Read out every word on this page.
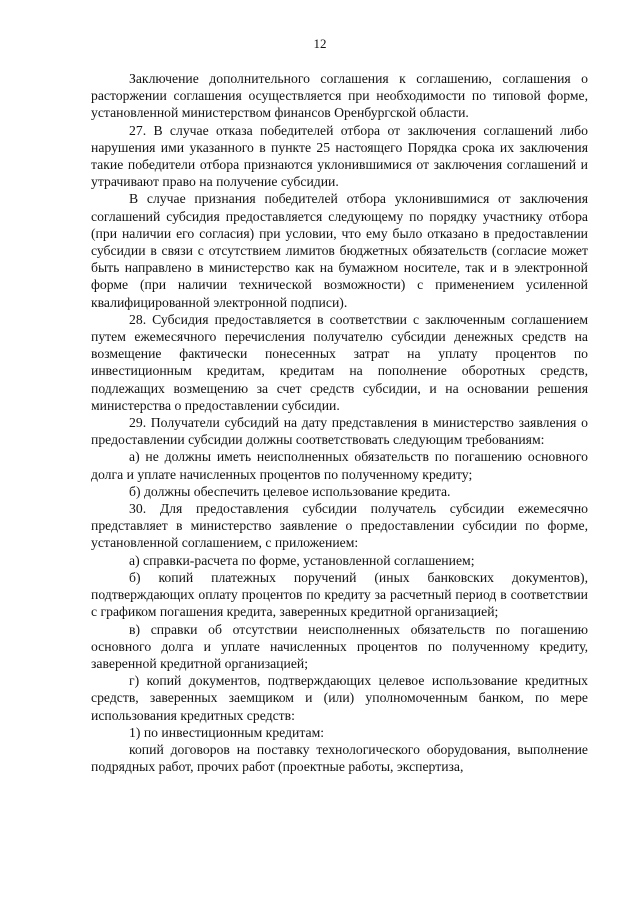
12

Заключение дополнительного соглашения к соглашению, соглашения о расторжении соглашения осуществляется при необходимости по типовой форме, установленной министерством финансов Оренбургской области.

27. В случае отказа победителей отбора от заключения соглашений либо нарушения ими указанного в пункте 25 настоящего Порядка срока их заключения такие победители отбора признаются уклонившимися от заключения соглашений и утрачивают право на получение субсидии.

В случае признания победителей отбора уклонившимися от заключения соглашений субсидия предоставляется следующему по порядку участнику отбора (при наличии его согласия) при условии, что ему было отказано в предоставлении субсидии в связи с отсутствием лимитов бюджетных обязательств (согласие может быть направлено в министерство как на бумажном носителе, так и в электронной форме (при наличии технической возможности) с применением усиленной квалифицированной электронной подписи).

28. Субсидия предоставляется в соответствии с заключенным соглашением путем ежемесячного перечисления получателю субсидии денежных средств на возмещение фактически понесенных затрат на уплату процентов по инвестиционным кредитам, кредитам на пополнение оборотных средств, подлежащих возмещению за счет средств субсидии, и на основании решения министерства о предоставлении субсидии.

29. Получатели субсидий на дату представления в министерство заявления о предоставлении субсидии должны соответствовать следующим требованиям:

а) не должны иметь неисполненных обязательств по погашению основного долга и уплате начисленных процентов по полученному кредиту;

б) должны обеспечить целевое использование кредита.

30. Для предоставления субсидии получатель субсидии ежемесячно представляет в министерство заявление о предоставлении субсидии по форме, установленной соглашением, с приложением:

а) справки-расчета по форме, установленной соглашением;

б) копий платежных поручений (иных банковских документов), подтверждающих оплату процентов по кредиту за расчетный период в соответствии с графиком погашения кредита, заверенных кредитной организацией;

в) справки об отсутствии неисполненных обязательств по погашению основного долга и уплате начисленных процентов по полученному кредиту, заверенной кредитной организацией;

г) копий документов, подтверждающих целевое использование кредитных средств, заверенных заемщиком и (или) уполномоченным банком, по мере использования кредитных средств:

1) по инвестиционным кредитам:

копий договоров на поставку технологического оборудования, выполнение подрядных работ, прочих работ (проектные работы, экспертиза,
